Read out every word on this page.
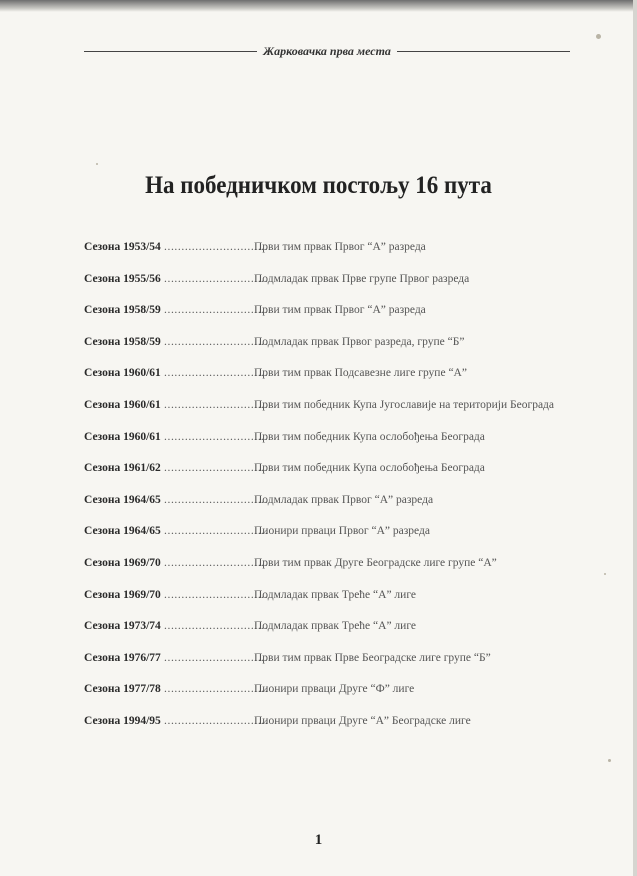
Жарковачка прва места
На победничком постољу 16 пута
Сезона 1953/54 ..............................
Први тим првак Првог “А” разреда
Сезона 1955/56 ..............................
Подмладак првак Прве групе Првог разреда
Сезона 1958/59 ..............................
Први тим првак Првог “А” разреда
Сезона 1958/59 ..............................
Подмладак првак Првог разреда, групе “Б”
Сезона 1960/61 ..............................
Први тим првак Подсавезне лиге групе “А”
Сезона 1960/61 ..............................
Први тим победник Купа Југославије на територији Београда
Сезона 1960/61 ..............................
Први тим победник Купа ослобођења Београда
Сезона 1961/62 ..............................
Први тим победник Купа ослобођења Београда
Сезона 1964/65 ..............................
Подмладак првак Првог “А” разреда
Сезона 1964/65 ..............................
Пионири прваци Првог “А” разреда
Сезона 1969/70 ..............................
Први тим првак Друге Београдске лиге групе “А”
Сезона 1969/70 ..............................
Подмладак првак Треће “А” лиге
Сезона 1973/74 ..............................
Подмладак првак Треће “А” лиге
Сезона 1976/77 ..............................
Први тим првак Прве Београдске лиге групе “Б”
Сезона 1977/78 ..............................
Пионири прваци Друге “Ф” лиге
Сезона 1994/95 ..............................
Пионири прваци Друге “А” Београдске лиге
1
